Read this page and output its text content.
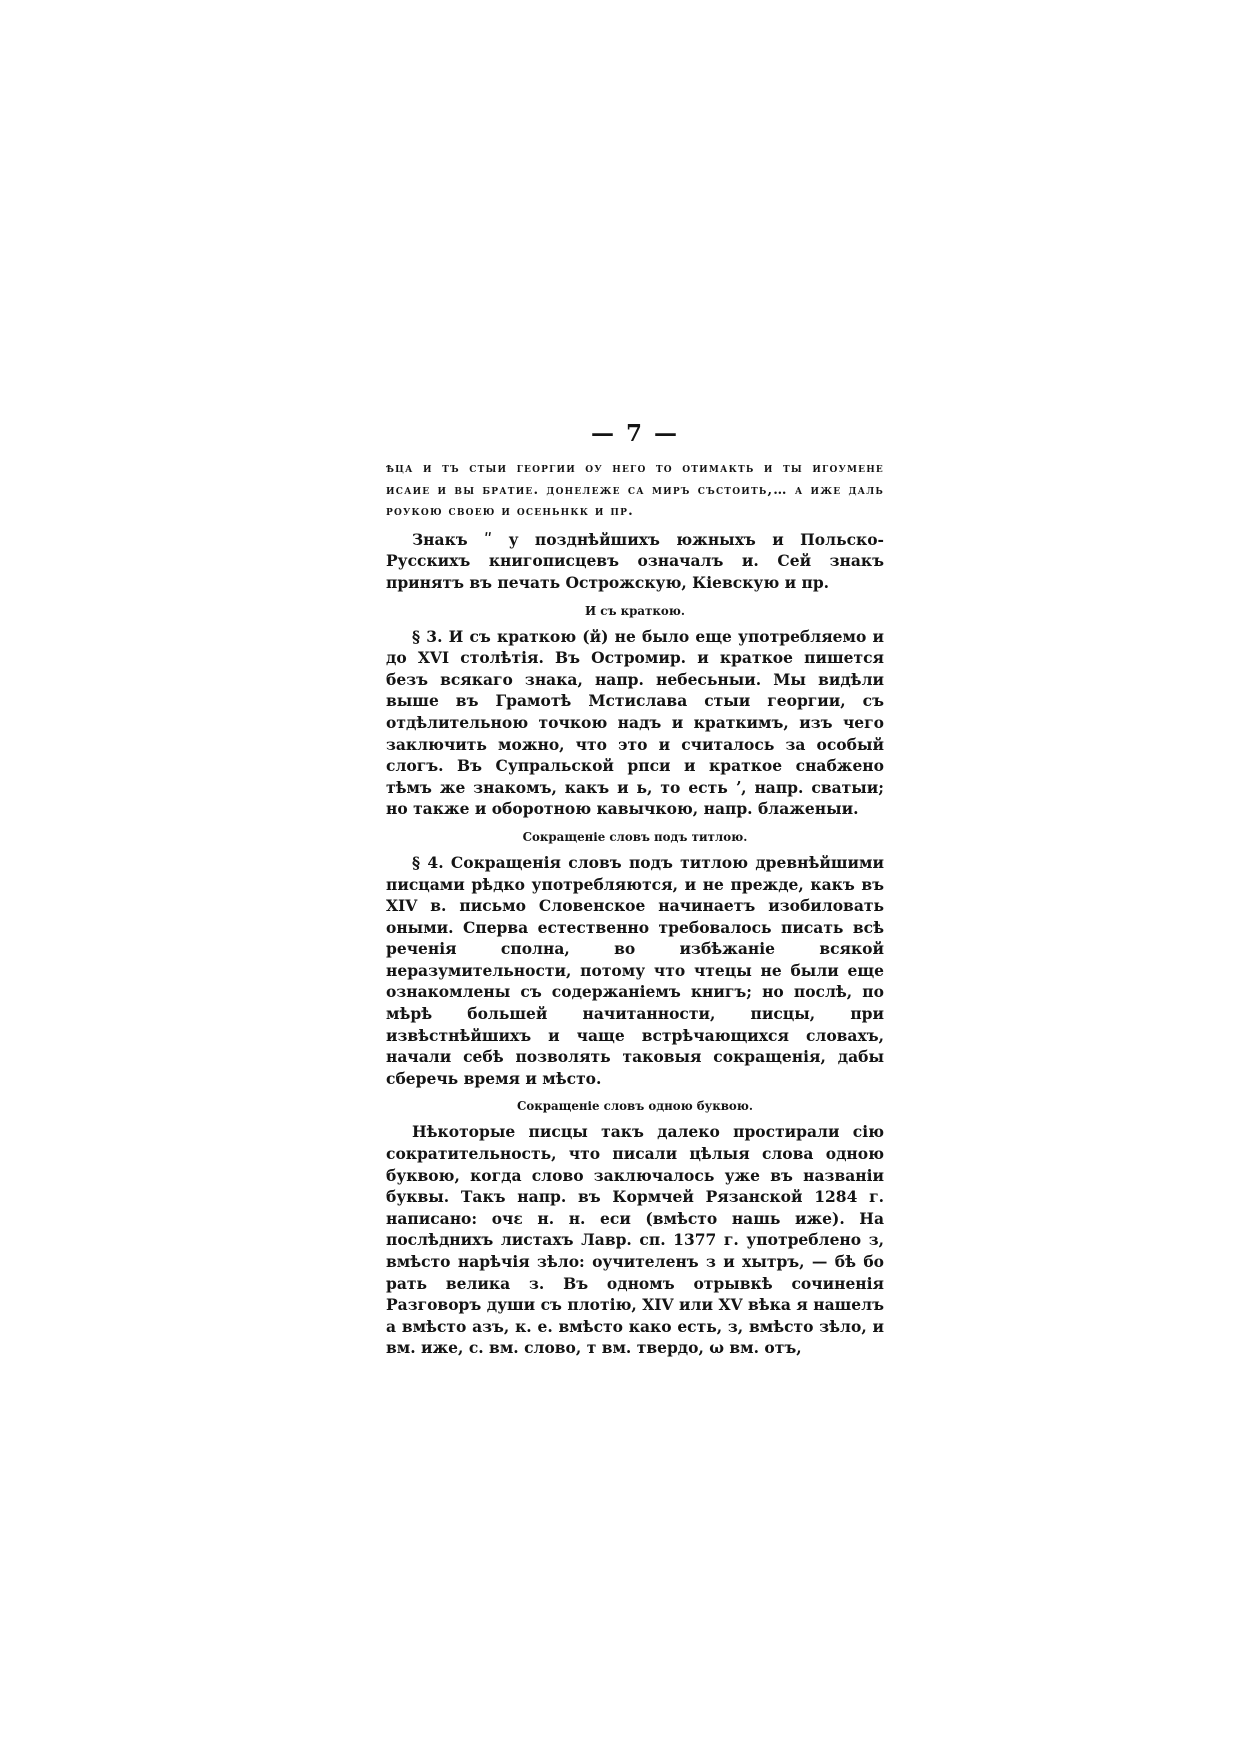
— 7 —

ѣца и тъ стыи георгии оу него то отимакть и ты игоумене исаие и вы братие. донележе са миръ състоить,… а иже даль роукою своею и осеньнкк и пр.

Знакъ ʺ у позднѣйшихъ южныхъ и Польско-Русскихъ книгописцевъ означалъ и. Сей знакъ принятъ въ печать Острожскую, Кіевскую и пр.

И съ краткою.

§ 3. И съ краткою (й) не было еще употребляемо и до XVI столѣтія. Въ Остромир. и краткое пишется безъ всякаго знака, напр. небесьныи. Мы видѣли выше въ Грамотѣ Мстислава стыи георгии, съ отдѣлительною точкою надъ и краткимъ, изъ чего заключить можно, что это и считалось за особый слогъ. Въ Супральской рпси и краткое снабжено тѣмъ же знакомъ, какъ и ь, то есть ʼ, напр. сватыи; но также и оборотною кавычкою, напр. блаженыи.

Сокращеніе словъ подъ титлою.

§ 4. Сокращенія словъ подъ титлою древнѣйшими писцами рѣдко употребляются, и не прежде, какъ въ XIV в. письмо Словенское начинаетъ изобиловать оными. Сперва естественно требовалось писать всѣ реченія сполна, во избѣжаніе всякой неразумительности, потому что чтецы не были еще ознакомлены съ содержаніемъ книгъ; но послѣ, по мѣрѣ большей начитанности, писцы, при извѣстнѣйшихъ и чаще встрѣчающихся словахъ, начали себѣ позволять таковыя сокращенія, дабы сберечь время и мѣсто.

Сокращеніе словъ одною буквою.

Нѣкоторые писцы такъ далеко простирали сію сократительность, что писали цѣлыя слова одною буквою, когда слово заключалось уже въ названіи буквы. Такъ напр. въ Кормчей Рязанской 1284 г. написано: очε н. н. еси (вмѣсто нашь иже). На послѣднихъ листахъ Лавр. сп. 1377 г. употреблено з, вмѣсто нарѣчія зѣло: оучителенъ з и хытръ, — бѣ бо рать велика з. Въ одномъ отрывкѣ сочиненія Разговоръ души съ плотію, XIV или XV вѣка я нашелъ а вмѣсто азъ, к. е. вмѣсто како есть, з, вмѣсто зѣло, и вм. иже, с. вм. слово, т вм. твердо, ω вм. отъ,
